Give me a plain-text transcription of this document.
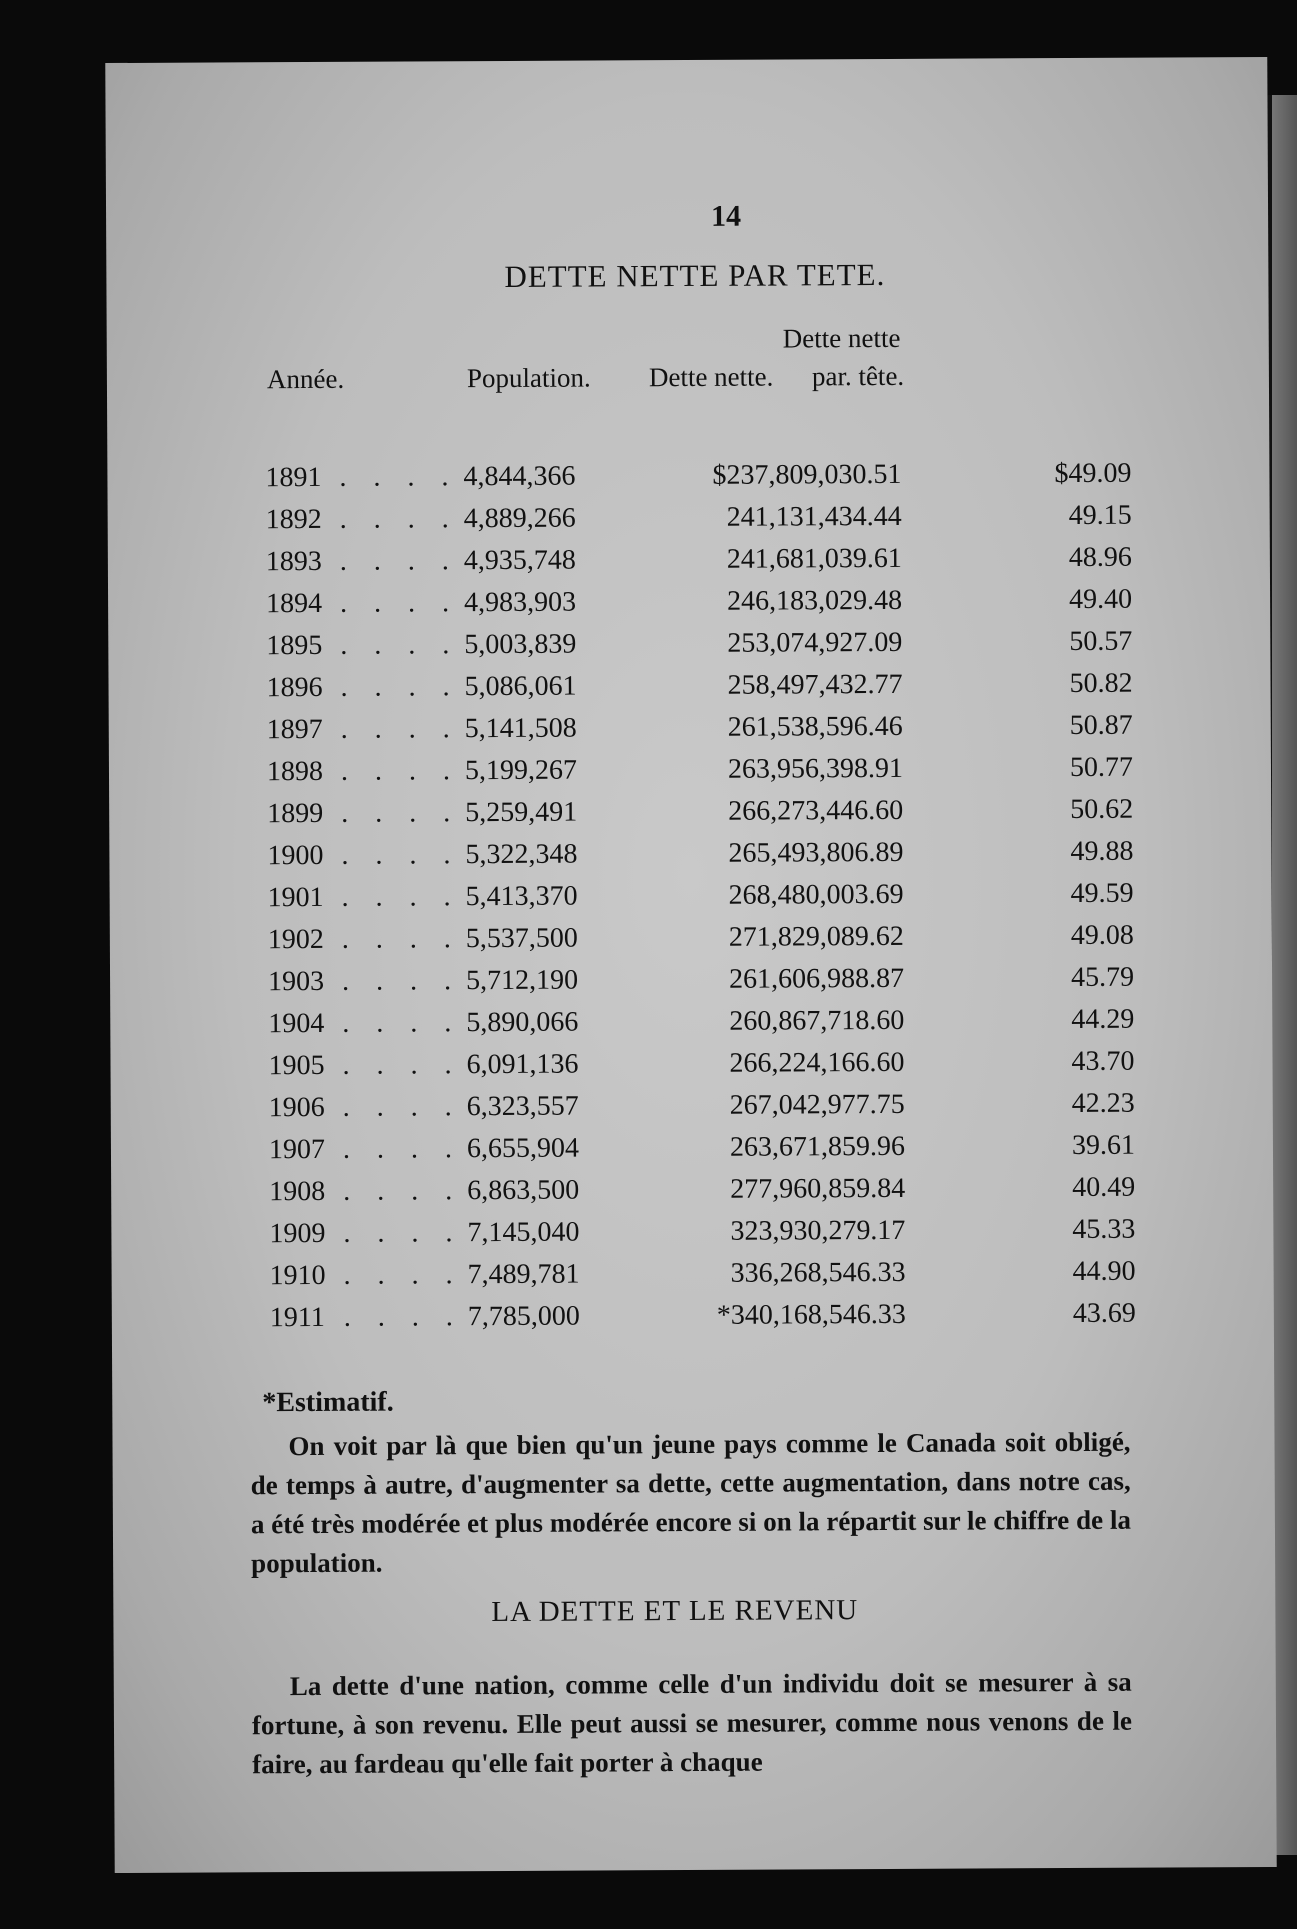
14
DETTE NETTE PAR TETE.
Année.	Population. Dette nette.
Dette nette
par. tête.
1891 . . . . 4,844,366	$237,809,030.51	$49.09
1892 . . . . 4,889,266	241,131,434.44	49.15
1893 . . . . 4,935,748	241,681,039.61	48.96
1894 . . . . 4,983,903	246,183,029.48	49.40
1895 . . . . 5,003,839	253,074,927.09	50.57
1896 . . . . 5,086,061	258,497,432.77	50.82
1897 . . . . 5,141,508	261,538,596.46	50.87
1898 . . . . 5,199,267	263,956,398.91	50.77
1899 . . . . 5,259,491	266,273,446.60	50.62
1900 . . . . 5,322,348	265,493,806.89	49.88
1901 . . . . 5,413,370	268,480,003.69	49.59
1902 . . . . 5,537,500	271,829,089.62	49.08
1903 . . . . 5,712,190	261,606,988.87	45.79
1904 . . . . 5,890,066	260,867,718.60	44.29
1905 . . . . 6,091,136	266,224,166.60	43.70
1906 . . . . 6,323,557	267,042,977.75	42.23
1907 . . . . 6,655,904	263,671,859.96	39.61
1908 . . . . 6,863,500	277,960,859.84	40.49
1909 . . . . 7,145,040	323,930,279.17	45.33
1910 . . . . 7,489,781	336,268,546.33	44.90
1911 . . . . 7,785,000	*340,168,546.33	43.69
*Estimatif.
On voit par là que bien qu'un jeune pays comme le Canada soit obligé, de temps à autre, d'augmenter sa dette, cette augmentation, dans notre cas, a été très modérée et plus modérée encore si on la répartit sur le chiffre de la population.
LA DETTE ET LE REVENU
La dette d'une nation, comme celle d'un individu doit se mesurer à sa fortune, à son revenu. Elle peut aussi se mesurer, comme nous venons de le faire, au fardeau qu'elle fait porter à chaque
